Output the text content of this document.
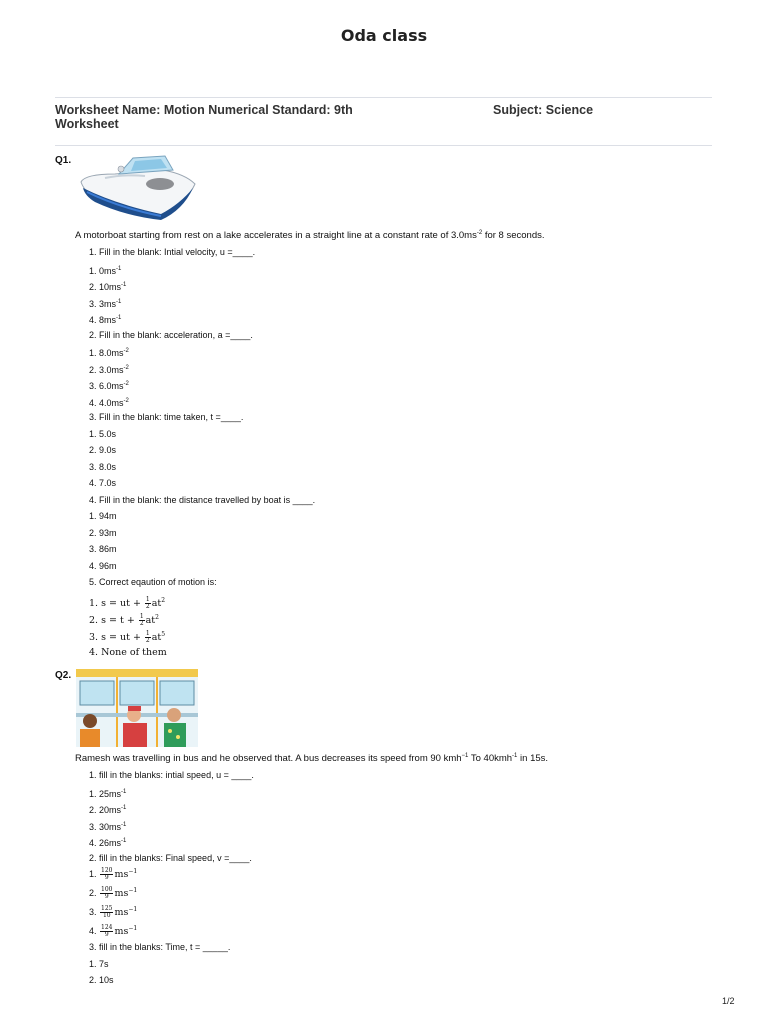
Oda class
Worksheet Name: Motion Numerical Standard: 9th Worksheet
Subject: Science
Q1.
A motorboat starting from rest on a lake accelerates in a straight line at a constant rate of $3.0ms^{-2}$ for 8 seconds.
1. Fill in the blank: Intial velocity, u =____.
1. $0ms^{-1}$
2. $10ms^{-1}$
3. $3ms^{-1}$
4. $8ms^{-1}$
2. Fill in the blank: acceleration, a =____.
1. $8.0ms^{-2}$
2. $3.0ms^{-2}$
3. $6.0ms^{-2}$
4. $4.0ms^{-2}$
3. Fill in the blank: time taken, t =____.
1. 5.0s
2. 9.0s
3. 8.0s
4. 7.0s
4. Fill in the blank: the distance travelled by boat is ____.
1. 94m
2. 93m
3. 86m
4. 96m
5. Correct eqaution of motion is:
1. s = ut + $\frac{1}{2} at^2$
2. $s = t + \frac{1}{2} at^2$
3. s = ut + $\frac{1}{2} at^5$
4. None of them
Q2.
Ramesh was travelling in bus and he observed that. A bus decreases its speed from 90 kmh$^{-1}$ To 40kmh$^{-1}$ in 15s.
1. fill in the blanks: intial speed, u = ____.
1. $25ms^{-1}$
2. $20ms^{-1}$
3. $30ms^{-1}$
4. $26ms^{-1}$
2. fill in the blanks: Final speed, v =____.
1. $\frac{120}{9} ms^{-1}$
2. $\frac{100}{9} ms^{-1}$
3. $\frac{125}{10} ms^{-1}$
4. $\frac{124}{9} ms^{-1}$
3. fill in the blanks: Time, t = _____.
1. 7s
2. 10s
1/2
